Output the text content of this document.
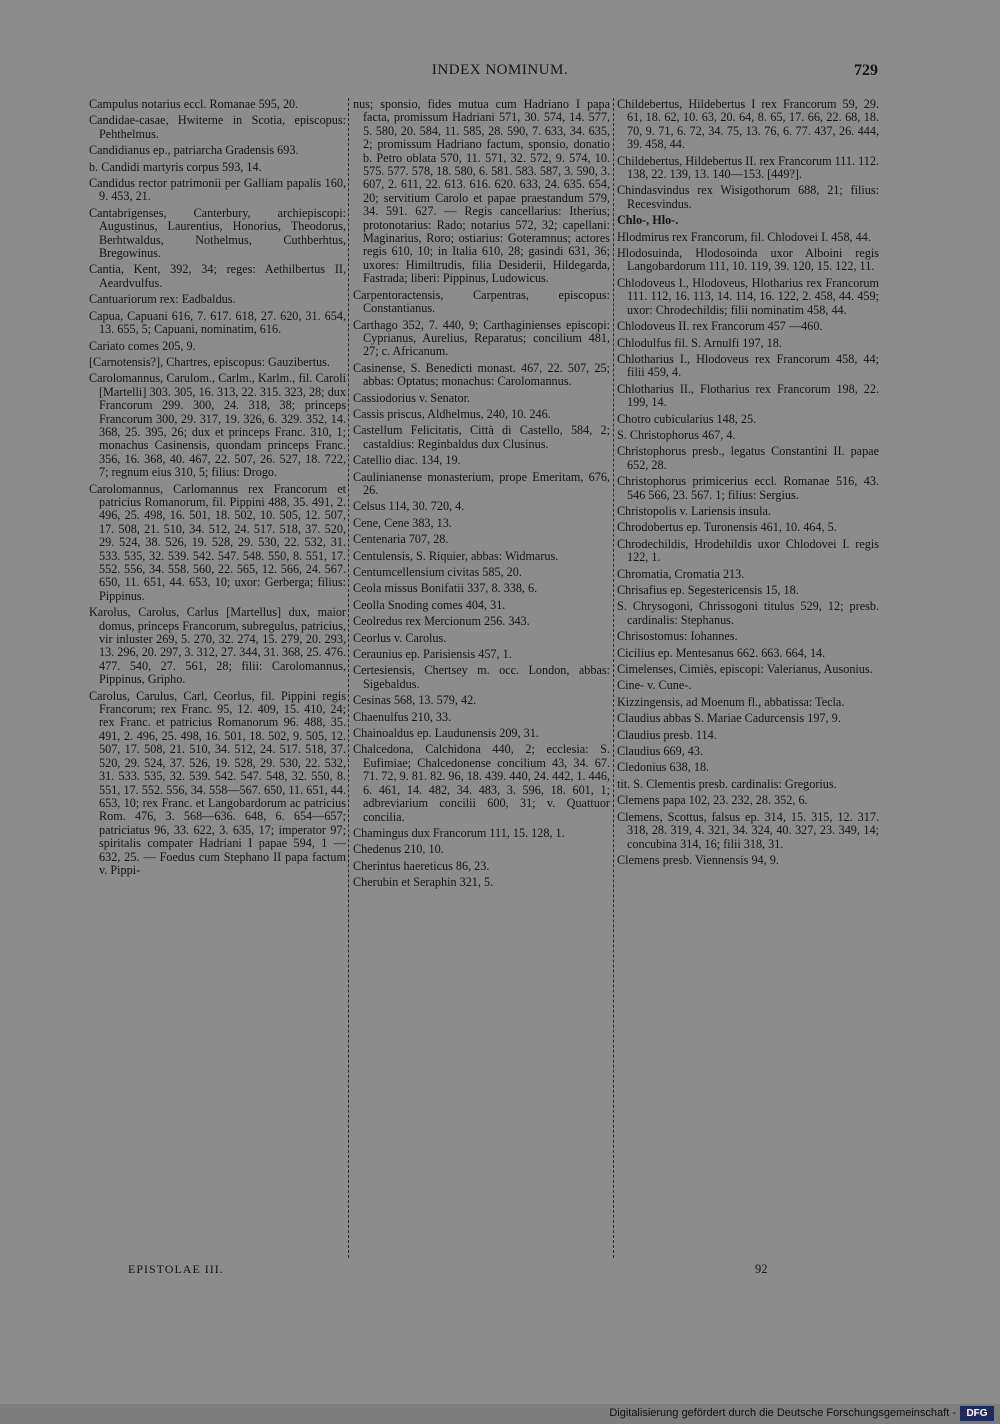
INDEX NOMINUM.	729

Campulus notarius eccl. Romanae 595, 20.

Candidae-casae, Hwiterne in Scotia, episcopus: Pehthelmus.

Candidianus ep., patriarcha Gradensis 693.

b. Candidi martyris corpus 593, 14.

Candidus rector patrimonii per Galliam papalis 160, 9. 453, 21.

Cantabrigenses, Canterbury, archiepiscopi: Augustinus, Laurentius, Honorius, Theodorus, Berhtwaldus, Nothelmus, Cuthberhtus, Bregowinus.

Cantia, Kent, 392, 34; reges: Aethilbertus II, Aeardvulfus.

Cantuariorum rex: Eadbaldus.

Capua, Capuani 616, 7. 617. 618, 27. 620, 31. 654, 13. 655, 5; Capuani, nominatim, 616.

Cariato comes 205, 9.

[Carnotensis?], Chartres, episcopus: Gauzibertus.

Carolomannus, Carulom., Carlm., Karlm., fil. Caroli [Martelli] 303. 305, 16. 313, 22. 315. 323, 28; dux Francorum 299. 300, 24. 318, 38; princeps Francorum 300, 29. 317, 19. 326, 6. 329. 352, 14. 368, 25. 395, 26; dux et princeps Franc. 310, 1; monachus Casinensis, quondam princeps Franc. 356, 16. 368, 40. 467, 22. 507, 26. 527, 18. 722, 7; regnum eius 310, 5; filius: Drogo.

Carolomannus, Carlomannus rex Francorum et patricius Romanorum, fil. Pippini 488, 35. 491, 2. 496, 25. 498, 16. 501, 18. 502, 10. 505, 12. 507, 17. 508, 21. 510, 34. 512, 24. 517. 518, 37. 520, 29. 524, 38. 526, 19. 528, 29. 530, 22. 532, 31. 533. 535, 32. 539. 542. 547. 548. 550, 8. 551, 17. 552. 556, 34. 558. 560, 22. 565, 12. 566, 24. 567. 650, 11. 651, 44. 653, 10; uxor: Gerberga; filius: Pippinus.

Karolus, Carolus, Carlus [Martellus] dux, maior domus, princeps Francorum, subregulus, patricius, vir inluster 269, 5. 270, 32. 274, 15. 279, 20. 293, 13. 296, 20. 297, 3. 312, 27. 344, 31. 368, 25. 476. 477. 540, 27. 561, 28; filii: Carolomannus, Pippinus, Gripho.

Carolus, Carulus, Carl, Ceorlus, fil. Pippini regis Francorum; rex Franc. 95, 12. 409, 15. 410, 24; rex Franc. et patricius Romanorum 96. 488, 35. 491, 2. 496, 25. 498, 16. 501, 18. 502, 9. 505, 12. 507, 17. 508, 21. 510, 34. 512, 24. 517. 518, 37. 520, 29. 524, 37. 526, 19. 528, 29. 530, 22. 532, 31. 533. 535, 32. 539. 542. 547. 548, 32. 550, 8. 551, 17. 552. 556, 34. 558—567. 650, 11. 651, 44. 653, 10; rex Franc. et Langobardorum ac patricius Rom. 476, 3. 568—636. 648, 6. 654—657; patriciatus 96, 33. 622, 3. 635, 17; imperator 97; spiritalis compater Hadriani I papae 594, 1 — 632, 25. — Foedus cum Stephano II papa factum v. Pippi-

nus; sponsio, fides mutua cum Hadriano I papa facta, promissum Hadriani 571, 30. 574, 14. 577, 5. 580, 20. 584, 11. 585, 28. 590, 7. 633, 34. 635, 2; promissum Hadriano factum, sponsio, donatio b. Petro oblata 570, 11. 571, 32. 572, 9. 574, 10. 575. 577. 578, 18. 580, 6. 581. 583. 587, 3. 590, 3. 607, 2. 611, 22. 613. 616. 620. 633, 24. 635. 654, 20; servitium Carolo et papae praestandum 579, 34. 591. 627. — Regis cancellarius: Itherius; protonotarius: Rado; notarius 572, 32; capellani: Maginarius, Roro; ostiarius: Goteramnus; actores regis 610, 10; in Italia 610, 28; gasindi 631, 36; uxores: Himiltrudis, filia Desiderii, Hildegarda, Fastrada; liberi: Pippinus, Ludowicus.

Carpentoractensis, Carpentras, episcopus: Constantianus.

Carthago 352, 7. 440, 9; Carthaginienses episcopi: Cyprianus, Aurelius, Reparatus; concilium 481, 27; c. Africanum.

Casinense, S. Benedicti monast. 467, 22. 507, 25; abbas: Optatus; monachus: Carolomannus.

Cassiodorius v. Senator.

Cassis priscus, Aldhelmus, 240, 10. 246.

Castellum Felicitatis, Città di Castello, 584, 2; castaldius: Reginbaldus dux Clusinus.

Catellio diac. 134, 19.

Caulinianense monasterium, prope Emeritam, 676, 26.

Celsus 114, 30. 720, 4.

Cene, Cene 383, 13.

Centenaria 707, 28.

Centulensis, S. Riquier, abbas: Widmarus.

Centumcellensium civitas 585, 20.

Ceola missus Bonifatii 337, 8. 338, 6.

Ceolla Snoding comes 404, 31.

Ceolredus rex Mercionum 256. 343.

Ceorlus v. Carolus.

Ceraunius ep. Parisiensis 457, 1.

Certesiensis, Chertsey m. occ. London, abbas: Sigebaldus.

Cesinas 568, 13. 579, 42.

Chaenulfus 210, 33.

Chainoaldus ep. Laudunensis 209, 31.

Chalcedona, Calchidona 440, 2; ecclesia: S. Eufimiae; Chalcedonense concilium 43, 34. 67. 71. 72, 9. 81. 82. 96, 18. 439. 440, 24. 442, 1. 446, 6. 461, 14. 482, 34. 483, 3. 596, 18. 601, 1; adbreviarium concilii 600, 31; v. Quattuor concilia.

Chamingus dux Francorum 111, 15. 128, 1.

Chedenus 210, 10.

Cherintus haereticus 86, 23.

Cherubin et Seraphin 321, 5.

Childebertus, Hildebertus I rex Francorum 59, 29. 61, 18. 62, 10. 63, 20. 64, 8. 65, 17. 66, 22. 68, 18. 70, 9. 71, 6. 72, 34. 75, 13. 76, 6. 77. 437, 26. 444, 39. 458, 44.

Childebertus, Hildebertus II. rex Francorum 111. 112. 138, 22. 139, 13. 140—153. [449?].

Chindasvindus rex Wisigothorum 688, 21; filius: Recesvindus.

Chlo-, Hlo-.

Hlodmirus rex Francorum, fil. Chlodovei I. 458, 44.

Hlodosuinda, Hlodosoinda uxor Alboini regis Langobardorum 111, 10. 119, 39. 120, 15. 122, 11.

Chlodoveus I., Hlodoveus, Hlotharius rex Francorum 111. 112, 16. 113, 14. 114, 16. 122, 2. 458, 44. 459; uxor: Chrodechildis; filii nominatim 458, 44.

Chlodoveus II. rex Francorum 457 —460.

Chlodulfus fil. S. Arnulfi 197, 18.

Chlotharius I., Hlodoveus rex Francorum 458, 44; filii 459, 4.

Chlotharius II., Flotharius rex Francorum 198, 22. 199, 14.

Chotro cubicularius 148, 25.

S. Christophorus 467, 4.

Christophorus presb., legatus Constantini II. papae 652, 28.

Christophorus primicerius eccl. Romanae 516, 43. 546 566, 23. 567. 1; filius: Sergius.

Christopolis v. Lariensis insula.

Chrodobertus ep. Turonensis 461, 10. 464, 5.

Chrodechildis, Hrodehildis uxor Chlodovei I. regis 122, 1.

Chromatia, Cromatia 213.

Chrisafius ep. Segestericensis 15, 18.

S. Chrysogoni, Chrissogoni titulus 529, 12; presb. cardinalis: Stephanus.

Chrisostomus: Iohannes.

Cicilius ep. Mentesanus 662. 663. 664, 14.

Cimelenses, Cimiès, episcopi: Valerianus, Ausonius.

Cine- v. Cune-.

Kizzingensis, ad Moenum fl., abbatissa: Tecla.

Claudius abbas S. Mariae Cadurcensis 197, 9.

Claudius presb. 114.

Claudius 669, 43.

Cledonius 638, 18.

tit. S. Clementis presb. cardinalis: Gregorius.

Clemens papa 102, 23. 232, 28. 352, 6.

Clemens, Scottus, falsus ep. 314, 15. 315, 12. 317. 318, 28. 319, 4. 321, 34. 324, 40. 327, 23. 349, 14; concubina 314, 16; filii 318, 31.

Clemens presb. Viennensis 94, 9.

EPISTOLAE III.	92
Digitalisierung gefördert durch die Deutsche Forschungsgemeinschaft -	DFG
